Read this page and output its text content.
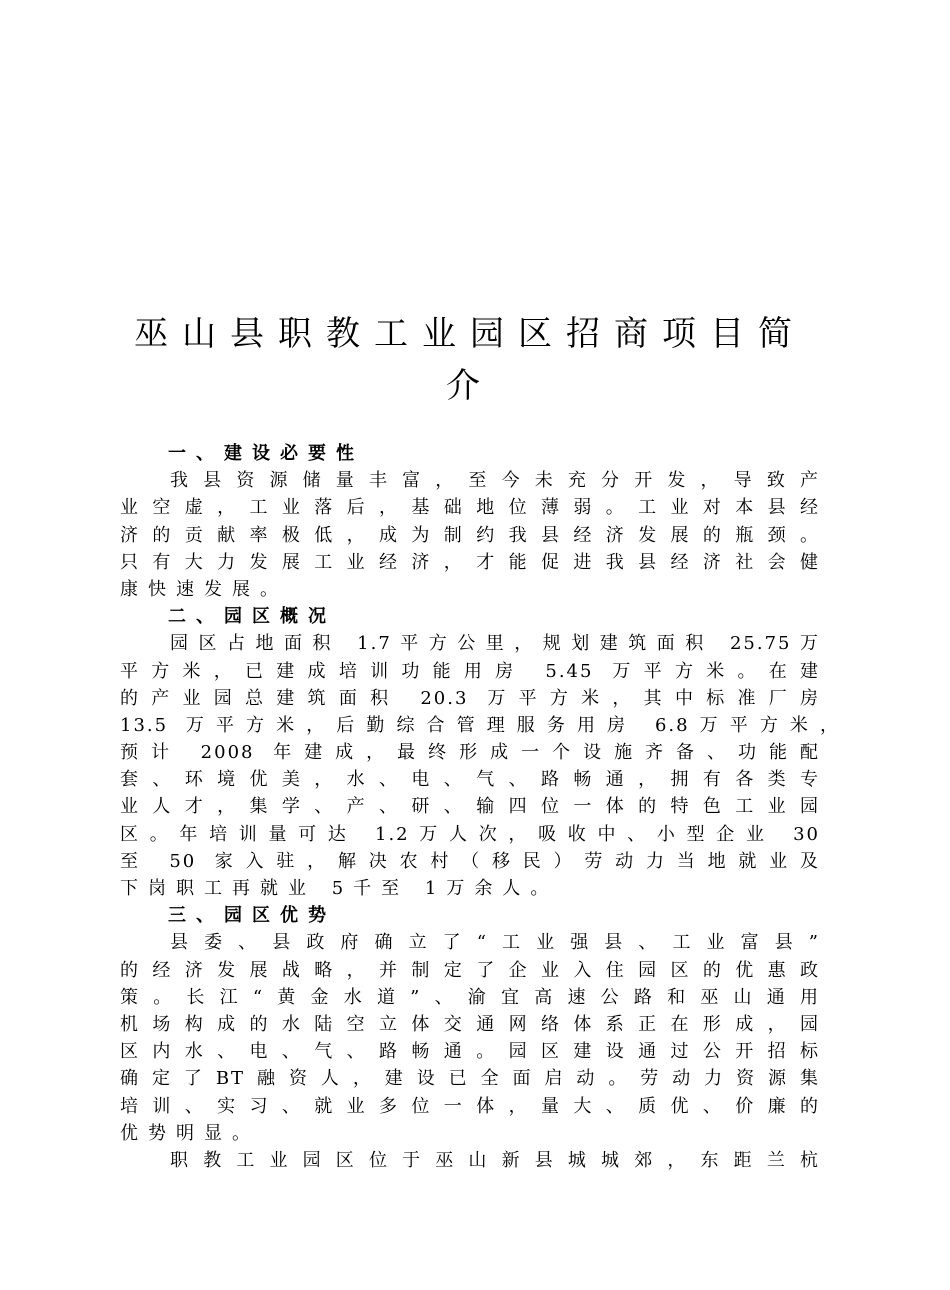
巫山县职教工业园区招商项目简
介

一、建设必要性

我县资源储量丰富，至今未充分开发，导致产

业空虚，工业落后，基础地位薄弱。工业对本县经

济的贡献率极低，成为制约我县经济发展的瓶颈。

只有大力发展工业经济，才能促进我县经济社会健

康快速发展。

二、园区概况

园区占地面积 1.7平方公里，规划建筑面积 25.75万

平方米，已建成培训功能用房 5.45 万平方米。在建

的产业园总建筑面积 20.3 万平方米，其中标准厂房

13.5 万平方米，后勤综合管理服务用房 6.8万平方米，

预计 2008 年建成，最终形成一个设施齐备、功能配

套、环境优美，水、电、气、路畅通，拥有各类专

业人才，集学、产、研、输四位一体的特色工业园

区。年培训量可达 1.2万人次，吸收中、小型企业 30

至 50 家入驻，解决农村（移民）劳动力当地就业及

下岗职工再就业 5千至 1万余人。

三、园区优势

县委、县政府确立了“工业强县、工业富县”

的经济发展战略，并制定了企业入住园区的优惠政

策。长江“黄金水道”、渝宜高速公路和巫山通用

机场构成的水陆空立体交通网络体系正在形成，园

区内水、电、气、路畅通。园区建设通过公开招标

确定了BT融资人，建设已全面启动。劳动力资源集

培训、实习、就业多位一体，量大、质优、价廉的

优势明显。

职教工业园区位于巫山新县城城郊，东距兰杭
